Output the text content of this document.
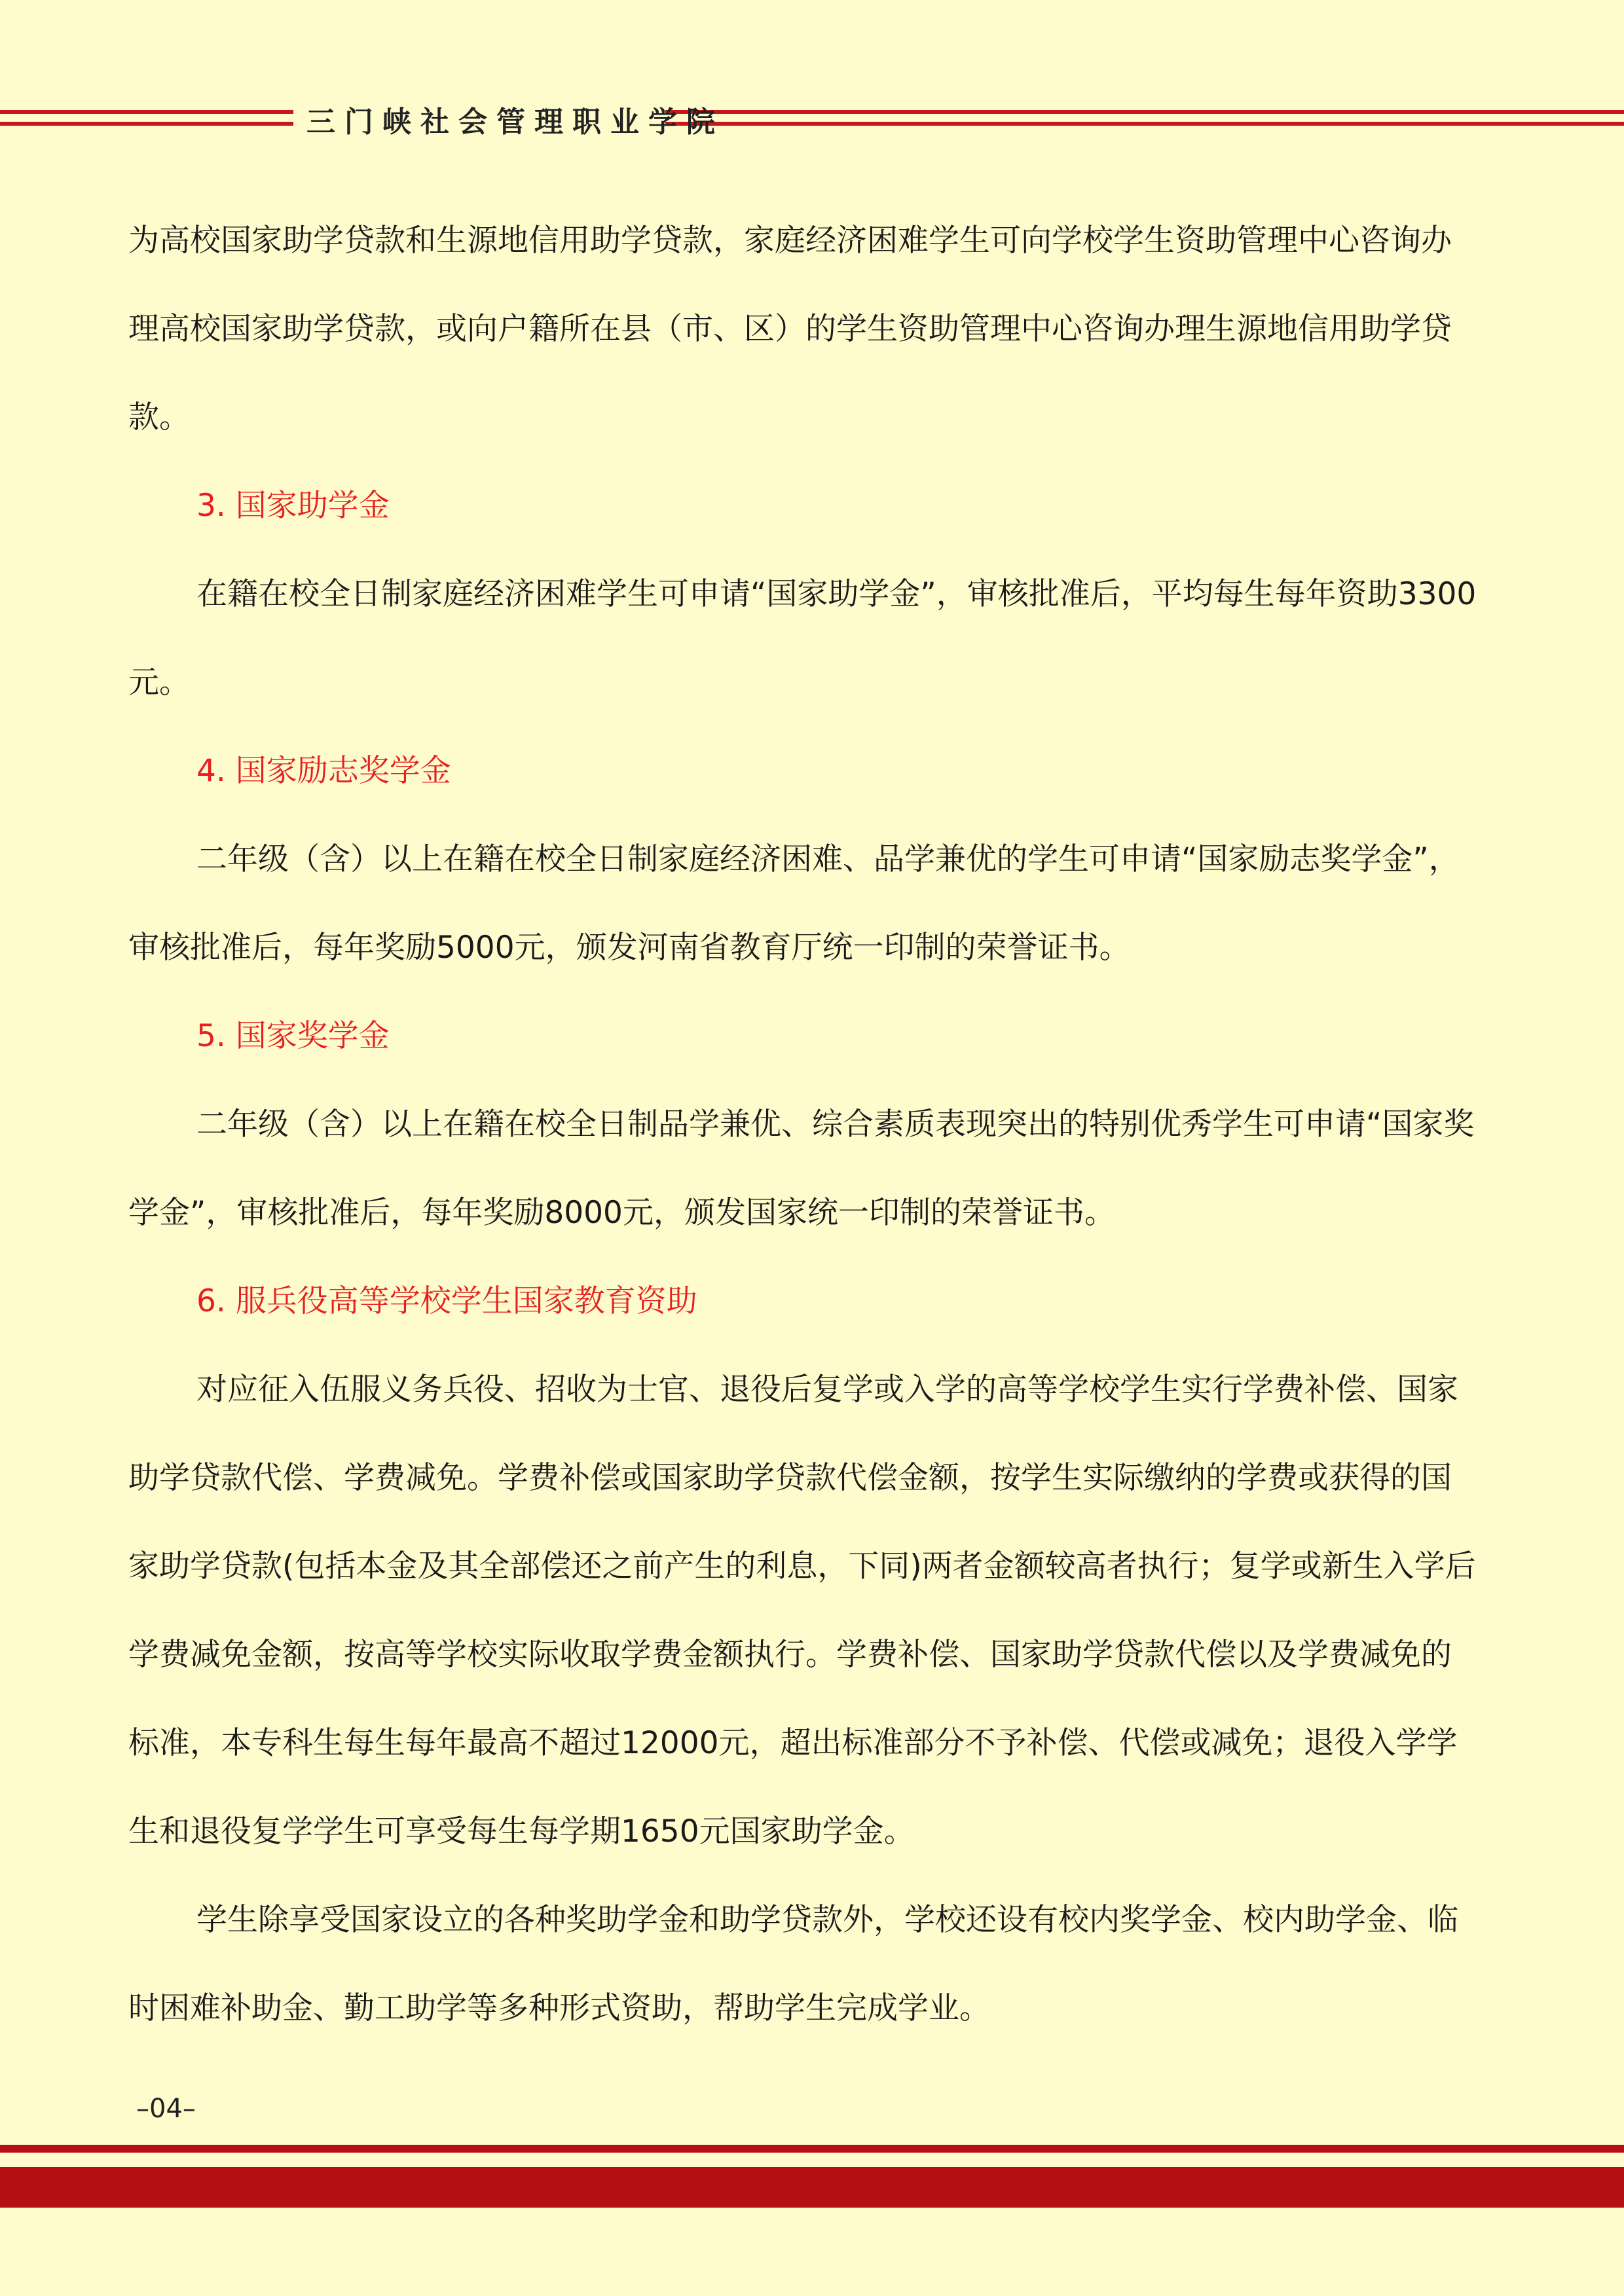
三门峡社会管理职业学院

为高校国家助学贷款和生源地信用助学贷款，家庭经济困难学生可向学校学生资助管理中心咨询办理高校国家助学贷款，或向户籍所在县（市、区）的学生资助管理中心咨询办理生源地信用助学贷款。

3. 国家助学金

在籍在校全日制家庭经济困难学生可申请“国家助学金”，审核批准后，平均每生每年资助3300元。

4. 国家励志奖学金

二年级（含）以上在籍在校全日制家庭经济困难、品学兼优的学生可申请“国家励志奖学金”，审核批准后，每年奖励5000元，颁发河南省教育厅统一印制的荣誉证书。

5. 国家奖学金

二年级（含）以上在籍在校全日制品学兼优、综合素质表现突出的特别优秀学生可申请“国家奖学金”，审核批准后，每年奖励8000元，颁发国家统一印制的荣誉证书。

6. 服兵役高等学校学生国家教育资助

对应征入伍服义务兵役、招收为士官、退役后复学或入学的高等学校学生实行学费补偿、国家助学贷款代偿、学费减免。学费补偿或国家助学贷款代偿金额，按学生实际缴纳的学费或获得的国家助学贷款(包括本金及其全部偿还之前产生的利息，下同)两者金额较高者执行；复学或新生入学后学费减免金额，按高等学校实际收取学费金额执行。学费补偿、国家助学贷款代偿以及学费减免的标准，本专科生每生每年最高不超过12000元，超出标准部分不予补偿、代偿或减免；退役入学学生和退役复学学生可享受每生每学期1650元国家助学金。

学生除享受国家设立的各种奖助学金和助学贷款外，学校还设有校内奖学金、校内助学金、临时困难补助金、勤工助学等多种形式资助，帮助学生完成学业。

–04–
